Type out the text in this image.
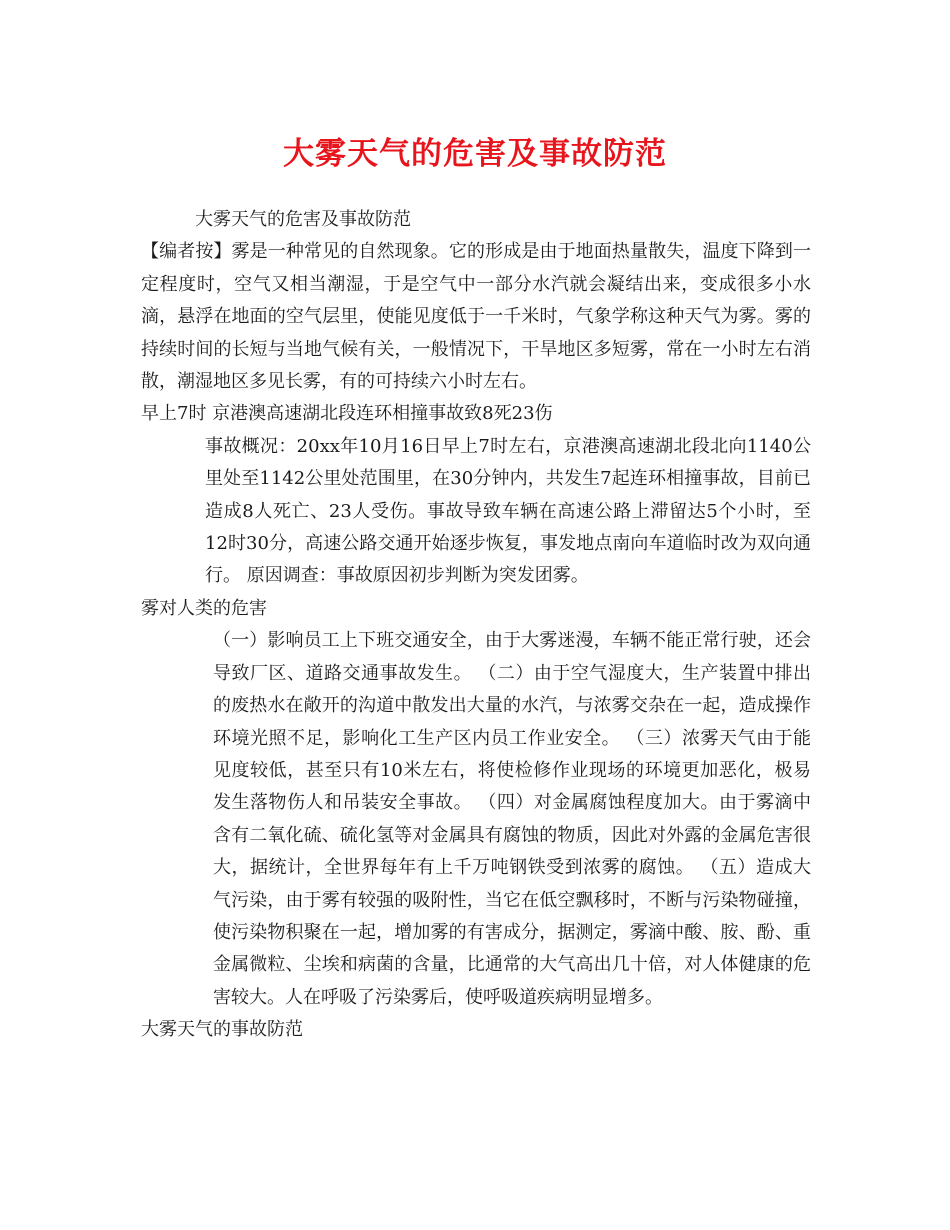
大雾天气的危害及事故防范

大雾天气的危害及事故防范

【编者按】雾是一种常见的自然现象。它的形成是由于地面热量散失，温度下降到一定程度时，空气又相当潮湿，于是空气中一部分水汽就会凝结出来，变成很多小水滴，悬浮在地面的空气层里，使能见度低于一千米时，气象学称这种天气为雾。雾的持续时间的长短与当地气候有关，一般情况下，干旱地区多短雾，常在一小时左右消散，潮湿地区多见长雾，有的可持续六小时左右。

早上7时 京港澳高速湖北段连环相撞事故致8死23伤

事故概况：20xx年10月16日早上7时左右，京港澳高速湖北段北向1140公里处至1142公里处范围里，在30分钟内，共发生7起连环相撞事故，目前已造成8人死亡、23人受伤。事故导致车辆在高速公路上滞留达5个小时，至12时30分，高速公路交通开始逐步恢复，事发地点南向车道临时改为双向通行。 原因调查：事故原因初步判断为突发团雾。

雾对人类的危害

（一）影响员工上下班交通安全，由于大雾迷漫，车辆不能正常行驶，还会导致厂区、道路交通事故发生。 （二）由于空气湿度大，生产装置中排出的废热水在敞开的沟道中散发出大量的水汽，与浓雾交杂在一起，造成操作环境光照不足，影响化工生产区内员工作业安全。 （三）浓雾天气由于能见度较低，甚至只有10米左右，将使检修作业现场的环境更加恶化，极易发生落物伤人和吊装安全事故。 （四）对金属腐蚀程度加大。由于雾滴中含有二氧化硫、硫化氢等对金属具有腐蚀的物质，因此对外露的金属危害很大，据统计，全世界每年有上千万吨钢铁受到浓雾的腐蚀。 （五）造成大气污染，由于雾有较强的吸附性，当它在低空飘移时，不断与污染物碰撞，使污染物积聚在一起，增加雾的有害成分，据测定，雾滴中酸、胺、酚、重金属微粒、尘埃和病菌的含量，比通常的大气高出几十倍，对人体健康的危害较大。人在呼吸了污染雾后，使呼吸道疾病明显增多。

大雾天气的事故防范
